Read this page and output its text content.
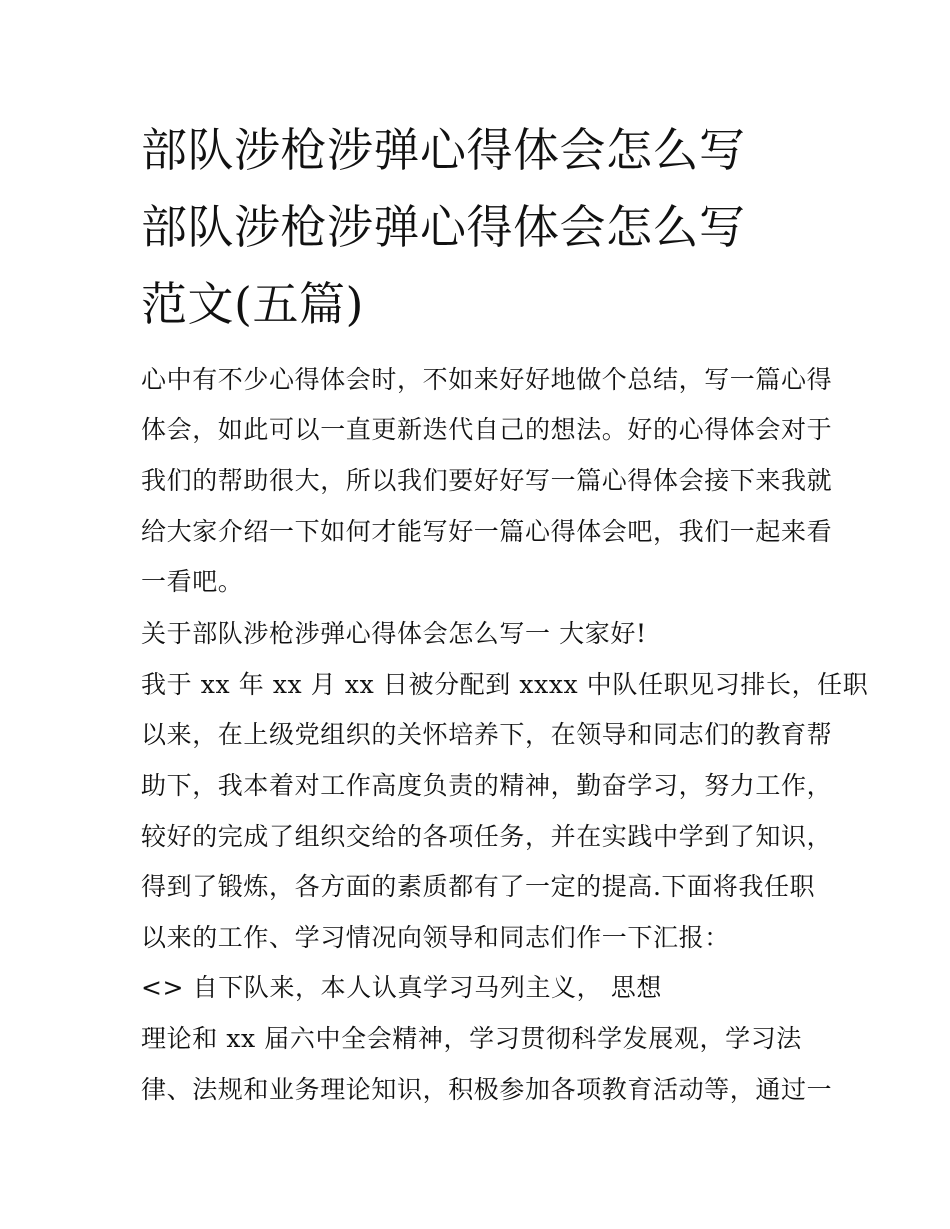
部队涉枪涉弹心得体会怎么写
部队涉枪涉弹心得体会怎么写
范文(五篇)

心中有不少心得体会时，不如来好好地做个总结，写一篇心得

体会，如此可以一直更新迭代自己的想法。好的心得体会对于

我们的帮助很大，所以我们要好好写一篇心得体会接下来我就

给大家介绍一下如何才能写好一篇心得体会吧，我们一起来看

一看吧。

关于部队涉枪涉弹心得体会怎么写一 大家好!

我于 xx 年 xx 月 xx 日被分配到 xxxx 中队任职见习排长，任职

以来，在上级党组织的关怀培养下，在领导和同志们的教育帮

助下，我本着对工作高度负责的精神，勤奋学习，努力工作，

较好的完成了组织交给的各项任务，并在实践中学到了知识，

得到了锻炼，各方面的素质都有了一定的提高.下面将我任职

以来的工作、学习情况向领导和同志们作一下汇报：

<> 自下队来，本人认真学习马列主义， 思想

理论和 xx 届六中全会精神，学习贯彻科学发展观，学习法

律、法规和业务理论知识，积极参加各项教育活动等，通过一
